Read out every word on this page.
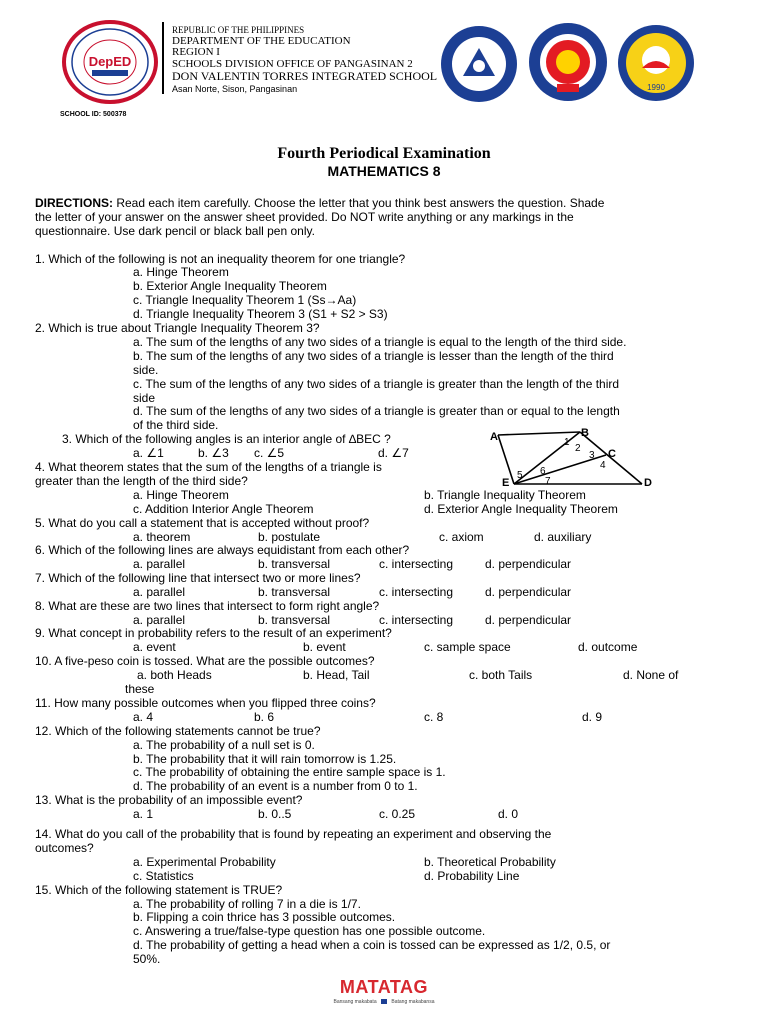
DepED
REPUBLIC OF THE PHILIPPINES
DEPARTMENT OF THE EDUCATION
REGION I
SCHOOLS DIVISION OFFICE OF PANGASINAN 2
DON VALENTIN TORRES INTEGRATED SCHOOL
Asan Norte, Sison, Pangasinan	1990
SCHOOL ID: 500378
Fourth Periodical Examination
MATHEMATICS 8
DIRECTIONS: Read each item carefully. Choose the letter that you think best answers the question. Shade
the letter of your answer on the answer sheet provided. Do NOT write anything or any markings in the
questionnaire. Use dark pencil or black ball pen only.
1. Which of the following is not an inequality theorem for one triangle?
a. Hinge Theorem
b. Exterior Angle Inequality Theorem
c. Triangle Inequality Theorem 1 (Ss→Aa)
d. Triangle Inequality Theorem 3 (S1 + S2 > S3)
2. Which is true about Triangle Inequality Theorem 3?
a. The sum of the lengths of any two sides of a triangle is equal to the length of the third side.
b. The sum of the lengths of any two sides of a triangle is lesser than the length of the third
side.
c. The sum of the lengths of any two sides of a triangle is greater than the length of the third
side
d. The sum of the lengths of any two sides of a triangle is greater than or equal to the length
of the third side.
3. Which of the following angles is an interior angle of ∆BEC ?
a. ∠1	b. ∠3 c. ∠5	d. ∠7
A	B
C
D
E
1
2
3
4
5 6
7
4. What theorem states that the sum of the lengths of a triangle is
greater than the length of the third side?
a. Hinge Theorem	b. Triangle Inequality Theorem
c. Addition Interior Angle Theorem	d. Exterior Angle Inequality Theorem
5. What do you call a statement that is accepted without proof?
a. theorem	b. postulate	c. axiom	d. auxiliary
6. Which of the following lines are always equidistant from each other?
a. parallel	b. transversal	c. intersecting	d. perpendicular
7. Which of the following line that intersect two or more lines?
a. parallel	b. transversal	c. intersecting	d. perpendicular
8. What are these are two lines that intersect to form right angle?
a. parallel	b. transversal	c. intersecting	d. perpendicular
9. What concept in probability refers to the result of an experiment?
a. event	b. event	c. sample space	d. outcome
10. A five-peso coin is tossed. What are the possible outcomes?
a. both Heads	b. Head, Tail	c. both Tails	d. None of
these
11. How many possible outcomes when you flipped three coins?
a. 4	b. 6	c. 8	d. 9
12. Which of the following statements cannot be true?
a. The probability of a null set is 0.
b. The probability that it will rain tomorrow is 1.25.
c. The probability of obtaining the entire sample space is 1.
d. The probability of an event is a number from 0 to 1.
13. What is the probability of an impossible event?
a. 1	b. 0..5	c. 0.25	d. 0
14. What do you call of the probability that is found by repeating an experiment and observing the
outcomes?
a. Experimental Probability	b. Theoretical Probability
c. Statistics	d. Probability Line
15. Which of the following statement is TRUE?
a. The probability of rolling 7 in a die is 1/7.
b. Flipping a coin thrice has 3 possible outcomes.
c. Answering a true/false-type question has one possible outcome.
d. The probability of getting a head when a coin is tossed can be expressed as 1/2, 0.5, or
50%.
MATATAG
Bansang makabata	Batang makabansa
